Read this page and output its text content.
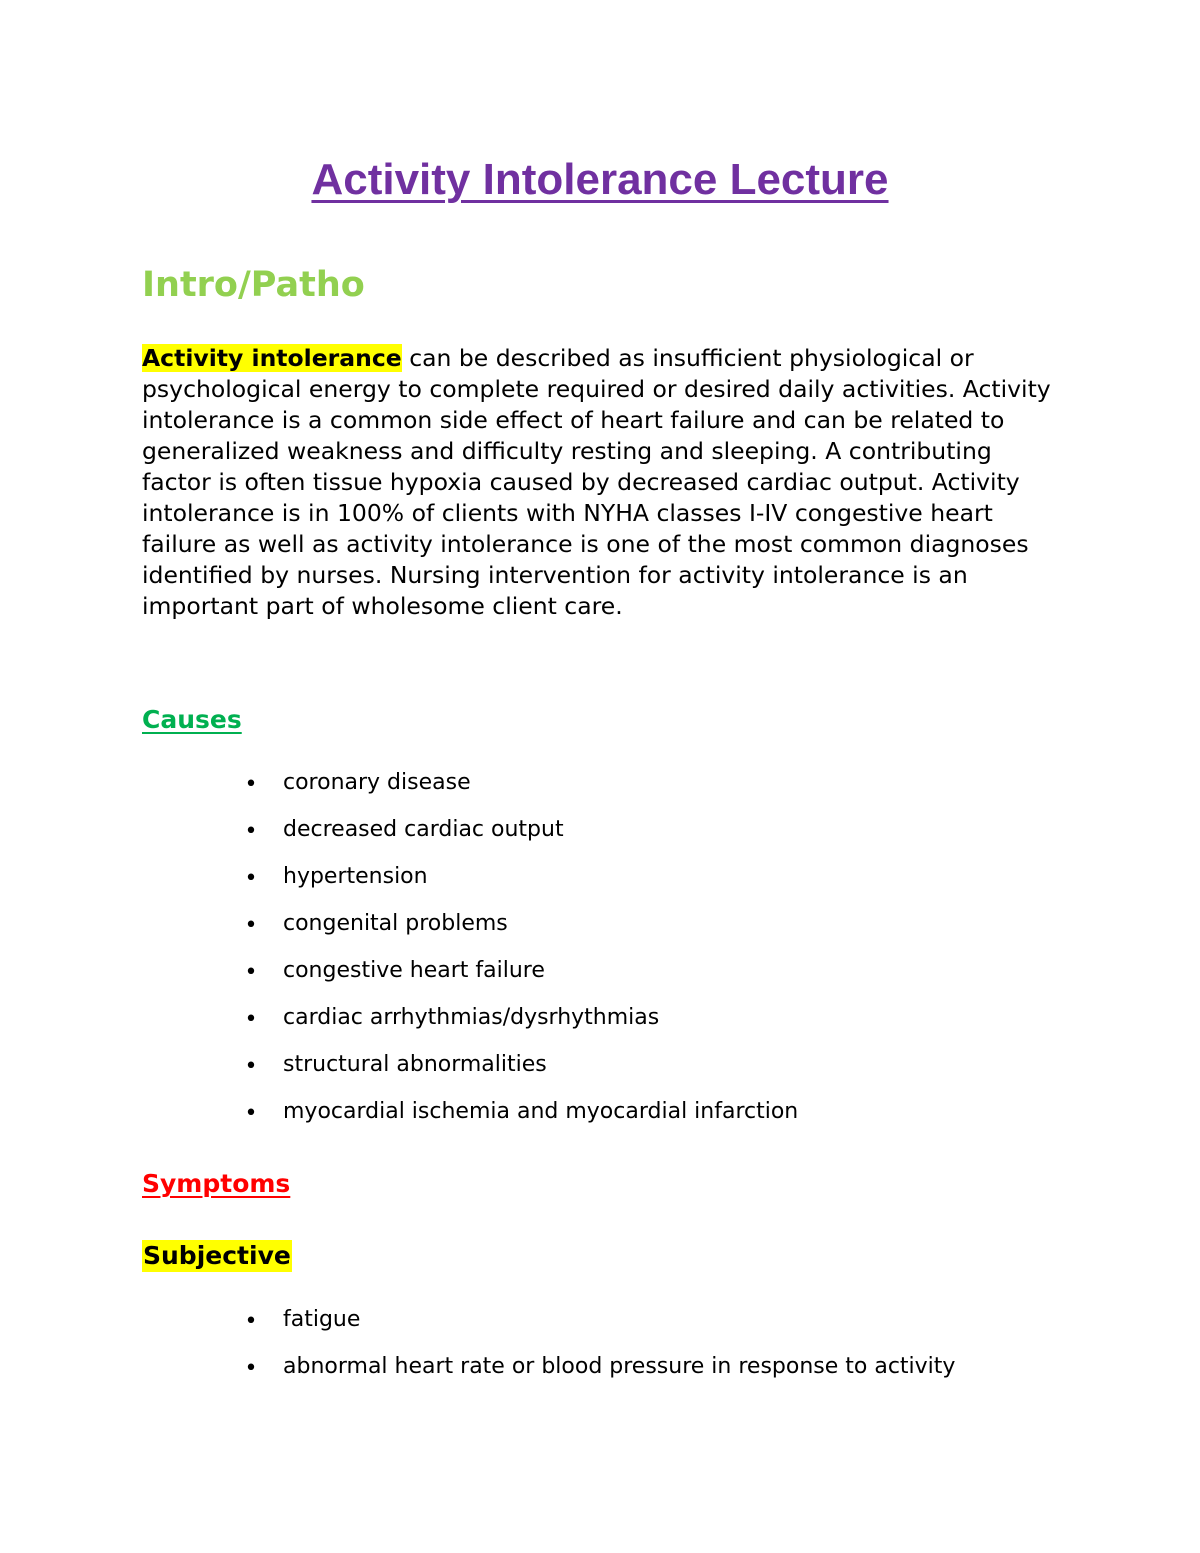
Activity Intolerance Lecture
Intro/Patho

Activity intolerance can be described as insufficient physiological or psychological energy to complete required or desired daily activities. Activity intolerance is a common side effect of heart failure and can be related to generalized weakness and difficulty resting and sleeping. A contributing factor is often tissue hypoxia caused by decreased cardiac output. Activity intolerance is in 100% of clients with NYHA classes I-IV congestive heart failure as well as activity intolerance is one of the most common diagnoses identified by nurses. Nursing intervention for activity intolerance is an important part of wholesome client care.

Causes
• coronary disease
• decreased cardiac output
• hypertension
• congenital problems
• congestive heart failure
• cardiac arrhythmias/dysrhythmias
• structural abnormalities
• myocardial ischemia and myocardial infarction
Symptoms
Subjective
• fatigue
• abnormal heart rate or blood pressure in response to activity
